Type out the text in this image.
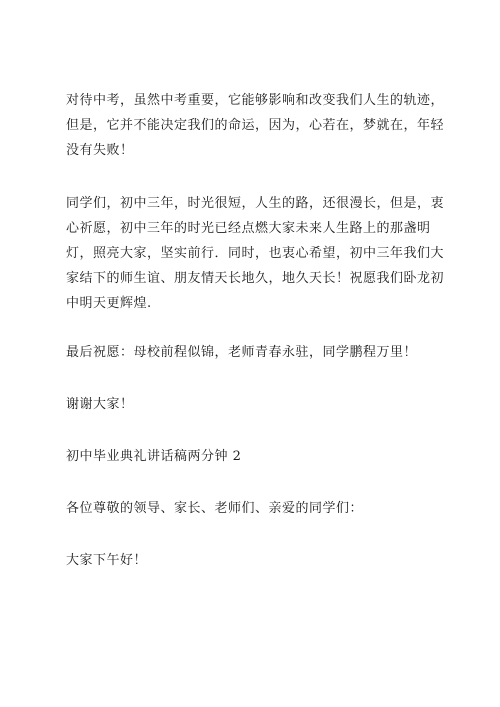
对待中考，虽然中考重要，它能够影响和改变我们人生的轨迹，
但是，它并不能决定我们的命运，因为，心若在，梦就在，年轻
没有失败！

同学们，初中三年，时光很短，人生的路，还很漫长，但是，衷
心祈愿，初中三年的时光已经点燃大家未来人生路上的那盏明
灯，照亮大家，坚实前行．同时，也衷心希望，初中三年我们大
家结下的师生谊、朋友情天长地久，地久天长！祝愿我们卧龙初
中明天更辉煌.

最后祝愿：母校前程似锦，老师青春永驻，同学鹏程万里！

谢谢大家！

初中毕业典礼讲话稿两分钟 2

各位尊敬的领导、家长、老师们、亲爱的同学们：

大家下午好！
